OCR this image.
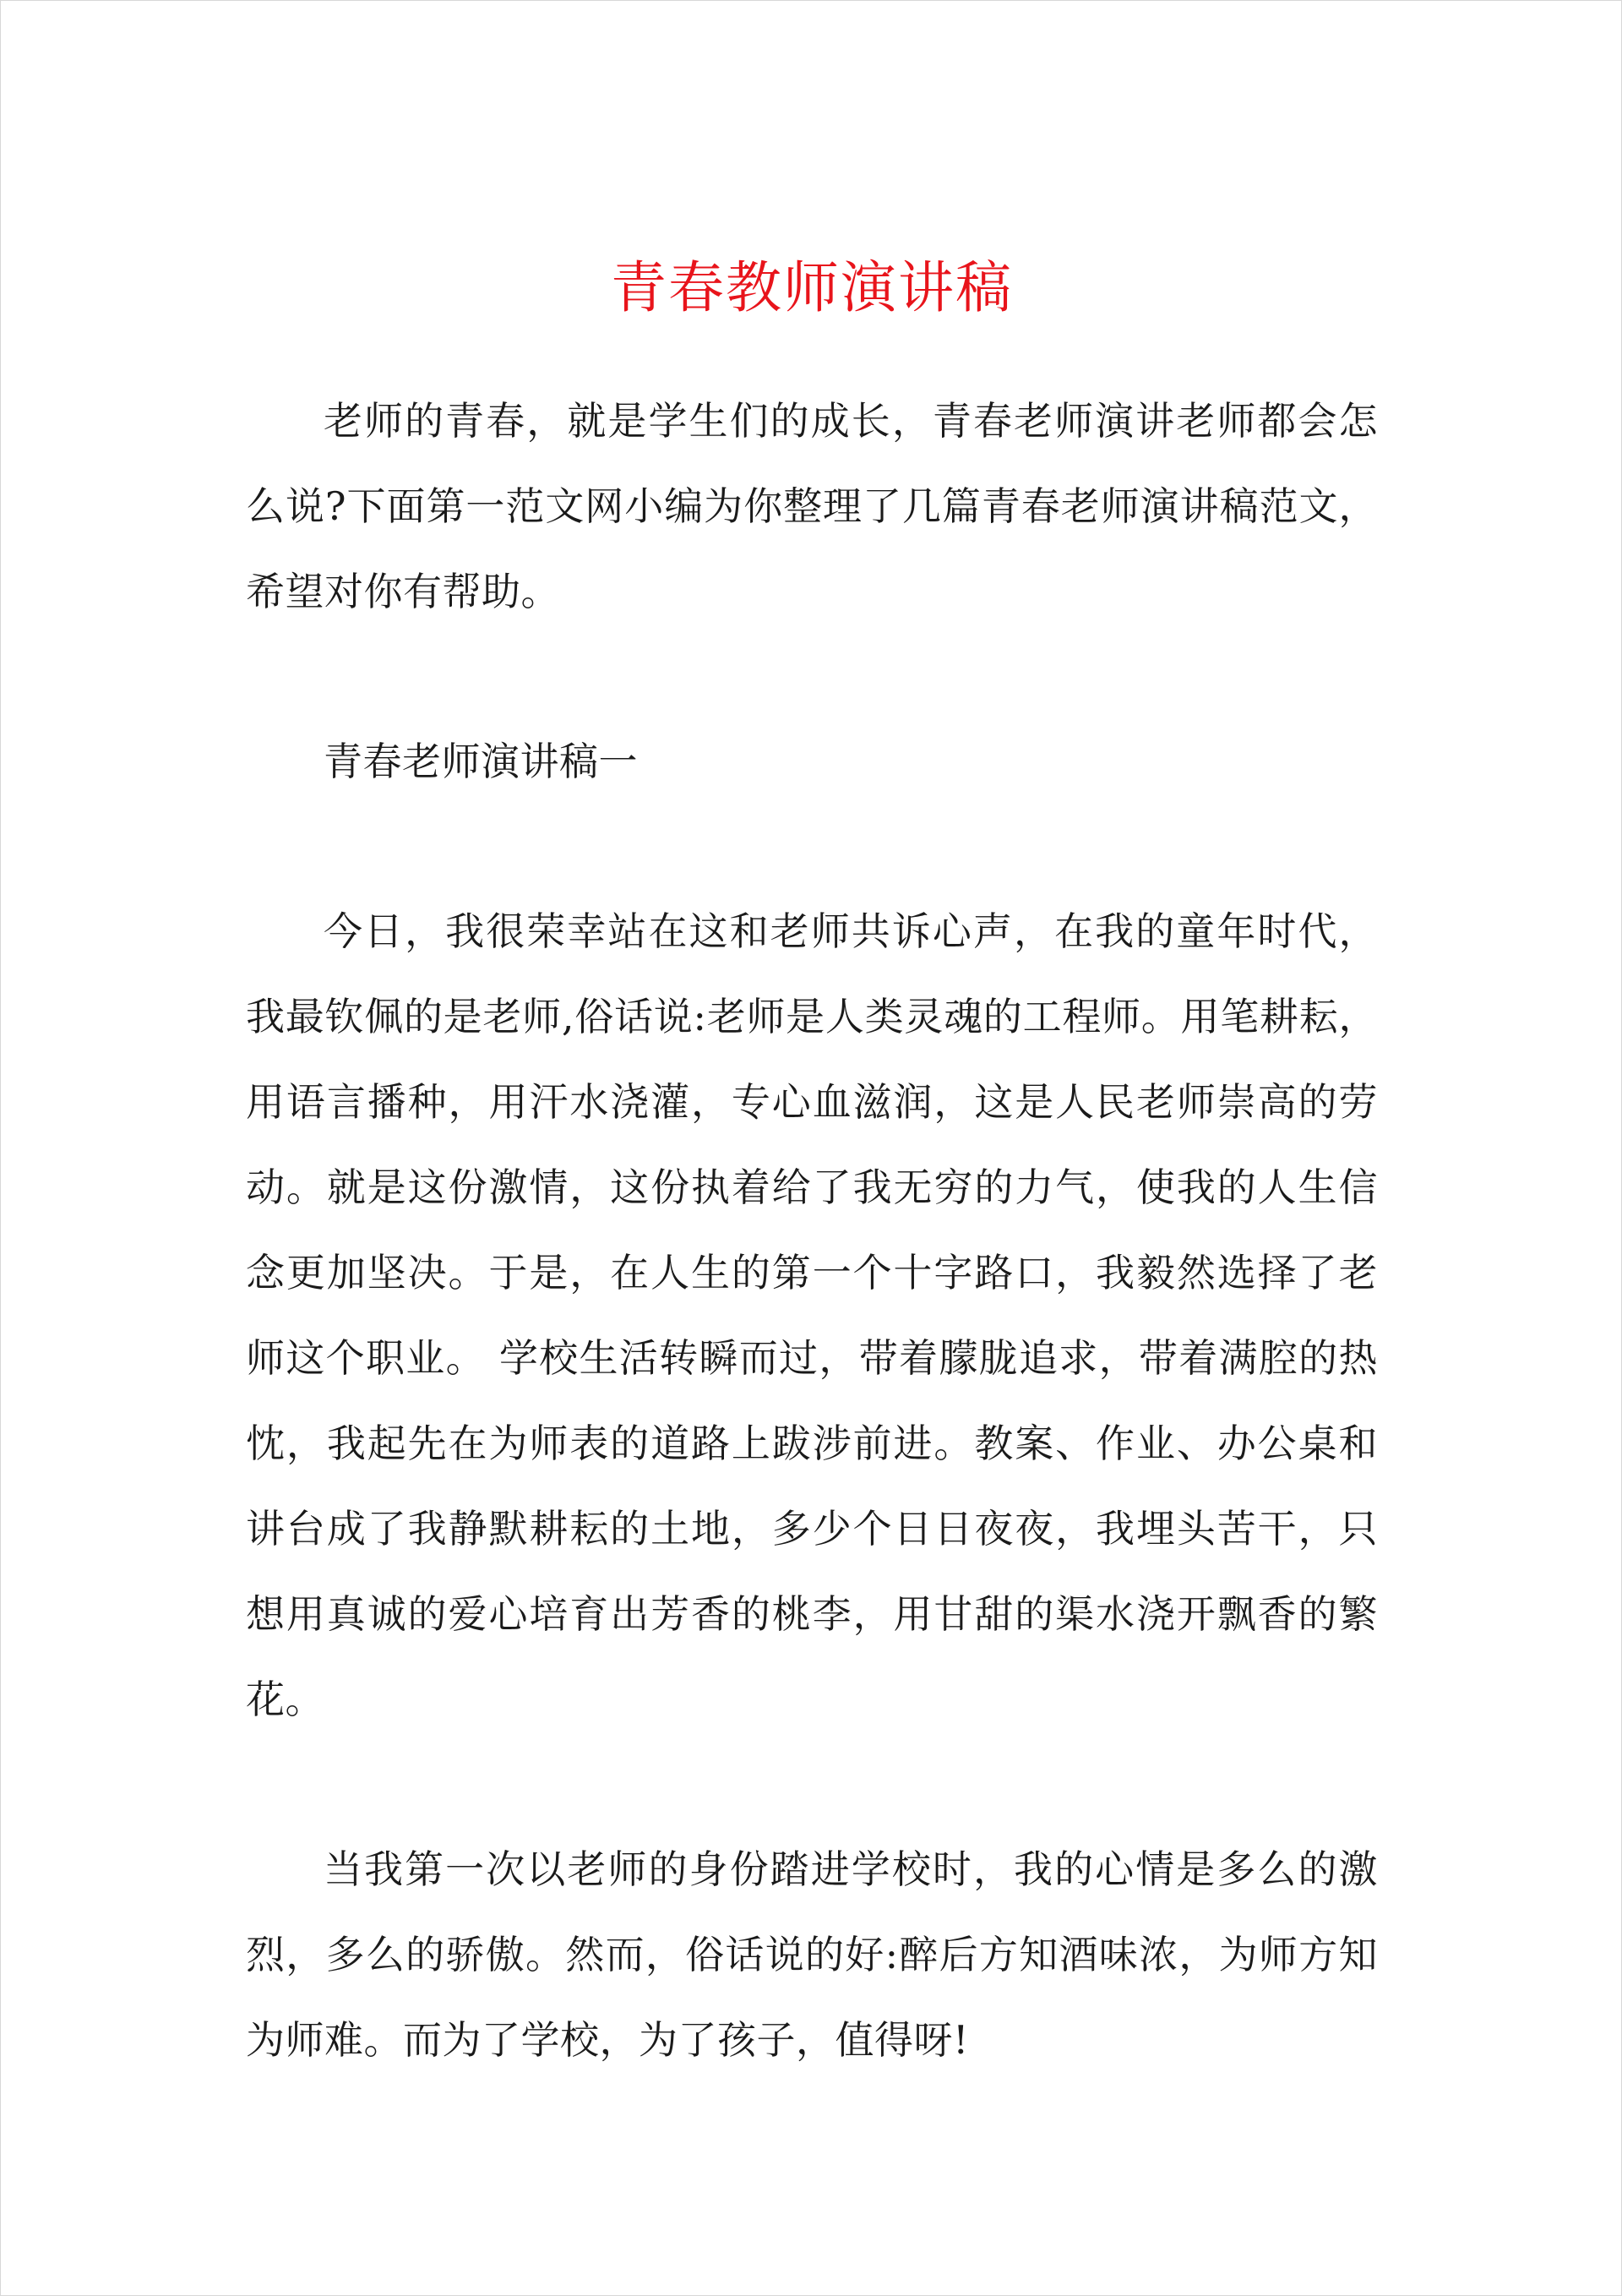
青春教师演讲稿

老师的青春，就是学生们的成长，青春老师演讲老师都会怎么说?下面第一范文网小编为你整理了几篇青春老师演讲稿范文，希望对你有帮助。

青春老师演讲稿一

今日，我很荣幸站在这和老师共诉心声，在我的童年时代，我最钦佩的是老师,俗话说:老师是人类灵魂的工程师。用笔耕耘，用语言播种，用汗水浇灌，专心血滋润，这是人民老师崇高的劳动。就是这份激情，这份执着给了我无穷的力气，使我的人生信念更加坚决。于是，在人生的第一个十字路口，我毅然选择了老师这个职业。 学校生活转瞬而过，带着朦胧追求，带着满腔的热忱，我起先在为师表的道路上跋涉前进。教案、作业、办公桌和讲台成了我静默耕耘的土地，多少个日日夜夜，我埋头苦干，只想用真诚的爱心培育出芳香的桃李，用甘甜的渠水浇开飘香的繁花。

当我第一次以老师的身份踏进学校时，我的心情是多么的激烈，多么的骄傲。然而，俗话说的好:醉后方知酒味浓，为师方知为师难。而为了学校，为了孩子，值得呀!
